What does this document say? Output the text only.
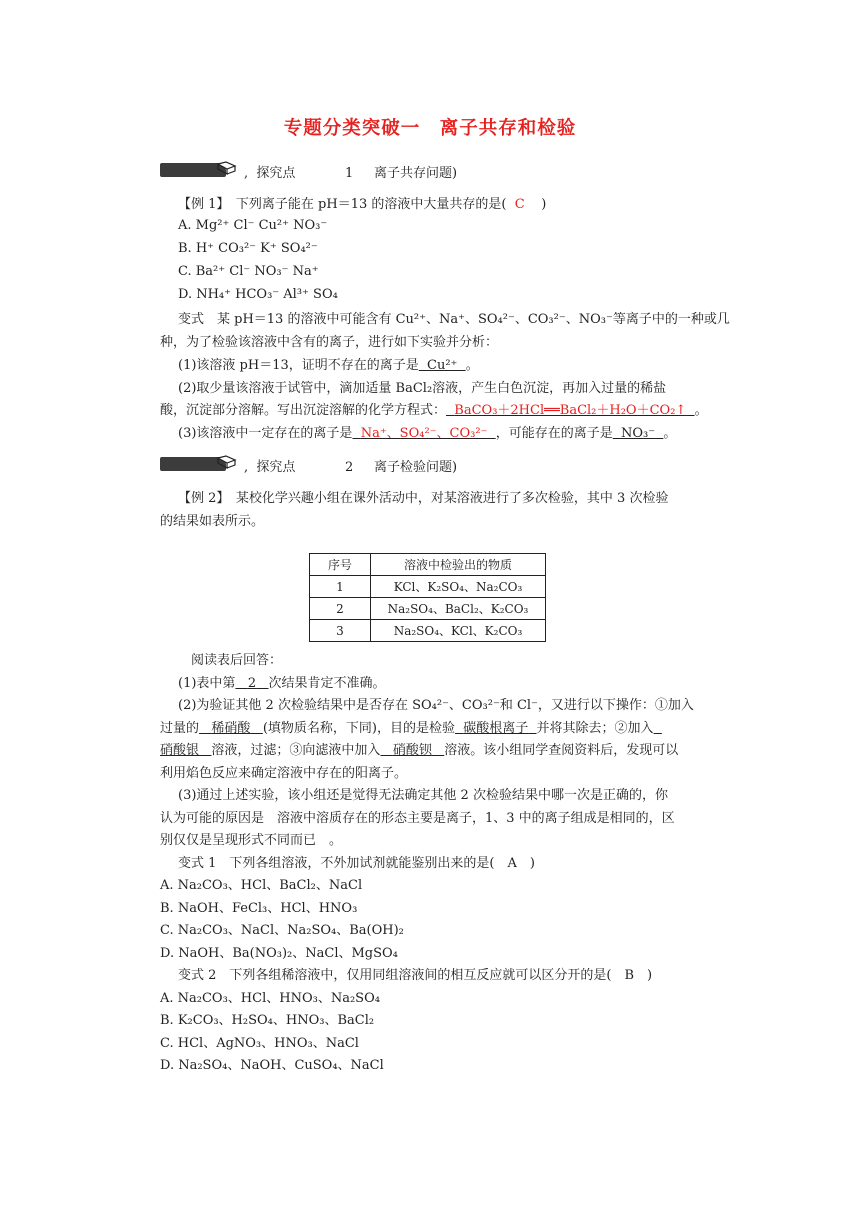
专题分类突破一　离子共存和检验
,  探究点	1 离子共存问题)
【例 1】　下列离子能在 pH＝13 的溶液中大量共存的是( C )
A. Mg²⁺ Cl⁻ Cu²⁺ NO₃⁻
B. H⁺ CO₃²⁻ K⁺ SO₄²⁻
C. Ba²⁺ Cl⁻ NO₃⁻ Na⁺
D. NH₄⁺ HCO₃⁻ Al³⁺ SO₄
变式　某 pH＝13 的溶液中可能含有 Cu²⁺、Na⁺、SO₄²⁻、CO₃²⁻、NO₃⁻等离子中的一种或几
种，为了检验该溶液中含有的离子，进行如下实验并分析：
(1)该溶液 pH＝13，证明不存在的离子是 Cu²⁺ 。
(2)取少量该溶液于试管中，滴加适量 BaCl₂溶液，产生白色沉淀，再加入过量的稀盐
酸，沉淀部分溶解。写出沉淀溶解的化学方程式： BaCO₃＋2HCl══BaCl₂＋H₂O＋CO₂↑ 。
(3)该溶液中一定存在的离子是 Na⁺、SO₄²⁻、CO₃²⁻ ，可能存在的离子是 NO₃⁻ 。
,  探究点	2 离子检验问题)
【例 2】　某校化学兴趣小组在课外活动中，对某溶液进行了多次检验，其中 3 次检验
的结果如表所示。
序号	溶液中检验出的物质
1	KCl、K₂SO₄、Na₂CO₃
2	Na₂SO₄、BaCl₂、K₂CO₃
3	Na₂SO₄、KCl、K₂CO₃
阅读表后回答：
(1)表中第 2 次结果肯定不准确。
(2)为验证其他 2 次检验结果中是否存在 SO₄²⁻、CO₃²⁻和 Cl⁻，又进行以下操作：①加入
过量的 稀硝酸 (填物质名称，下同)，目的是检验 碳酸根离子 并将其除去；②加入
硝酸银 溶液，过滤；③向滤液中加入 硝酸钡 溶液。该小组同学查阅资料后，发现可以
利用焰色反应来确定溶液中存在的阳离子。
(3)通过上述实验，该小组还是觉得无法确定其他 2 次检验结果中哪一次是正确的，你
认为可能的原因是　溶液中溶质存在的形态主要是离子，1、3 中的离子组成是相同的，区
别仅仅是呈现形式不同而已　。
变式 1　下列各组溶液，不外加试剂就能鉴别出来的是(　A　)
A. Na₂CO₃、HCl、BaCl₂、NaCl
B. NaOH、FeCl₃、HCl、HNO₃
C. Na₂CO₃、NaCl、Na₂SO₄、Ba(OH)₂
D. NaOH、Ba(NO₃)₂、NaCl、MgSO₄
变式 2　下列各组稀溶液中，仅用同组溶液间的相互反应就可以区分开的是(　B　)
A. Na₂CO₃、HCl、HNO₃、Na₂SO₄
B. K₂CO₃、H₂SO₄、HNO₃、BaCl₂
C. HCl、AgNO₃、HNO₃、NaCl
D. Na₂SO₄、NaOH、CuSO₄、NaCl
